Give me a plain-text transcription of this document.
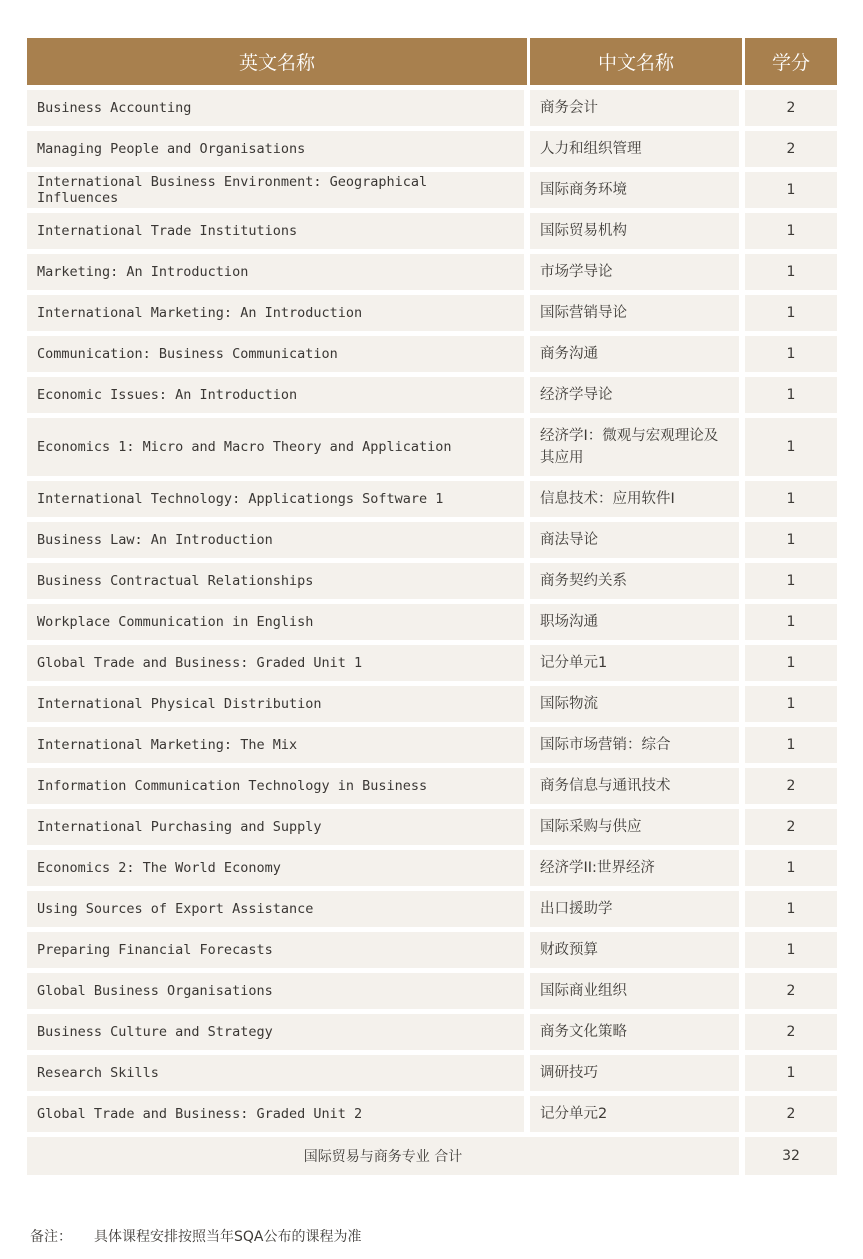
英文名称	中文名称	学分
Business Accounting	商务会计	2
Managing People and Organisations	人力和组织管理	2
International Business Environment: Geographical Influences	国际商务环境	1
International Trade Institutions	国际贸易机构	1
Marketing: An Introduction	市场学导论	1
International Marketing: An Introduction	国际营销导论	1
Communication: Business Communication	商务沟通	1
Economic Issues: An Introduction	经济学导论	1
Economics 1: Micro and Macro Theory and Application	经济学I：微观与宏观理论及其应用	1
International Technology: Applicationgs Software 1	信息技术：应用软件I	1
Business Law: An Introduction	商法导论	1
Business Contractual Relationships	商务契约关系	1
Workplace Communication in English	职场沟通	1
Global Trade and Business: Graded Unit 1	记分单元1	1
International Physical Distribution	国际物流	1
International Marketing: The Mix	国际市场营销：综合	1
Information Communication Technology in Business	商务信息与通讯技术	2
International Purchasing and Supply	国际采购与供应	2
Economics 2: The World Economy	经济学II:世界经济	1
Using Sources of Export Assistance	出口援助学	1
Preparing Financial Forecasts	财政预算	1
Global Business Organisations	国际商业组织	2
Business Culture and Strategy	商务文化策略	2
Research Skills	调研技巧	1
Global Trade and Business: Graded Unit 2	记分单元2	2
国际贸易与商务专业 合计		32
备注： 具体课程安排按照当年SQA公布的课程为准
